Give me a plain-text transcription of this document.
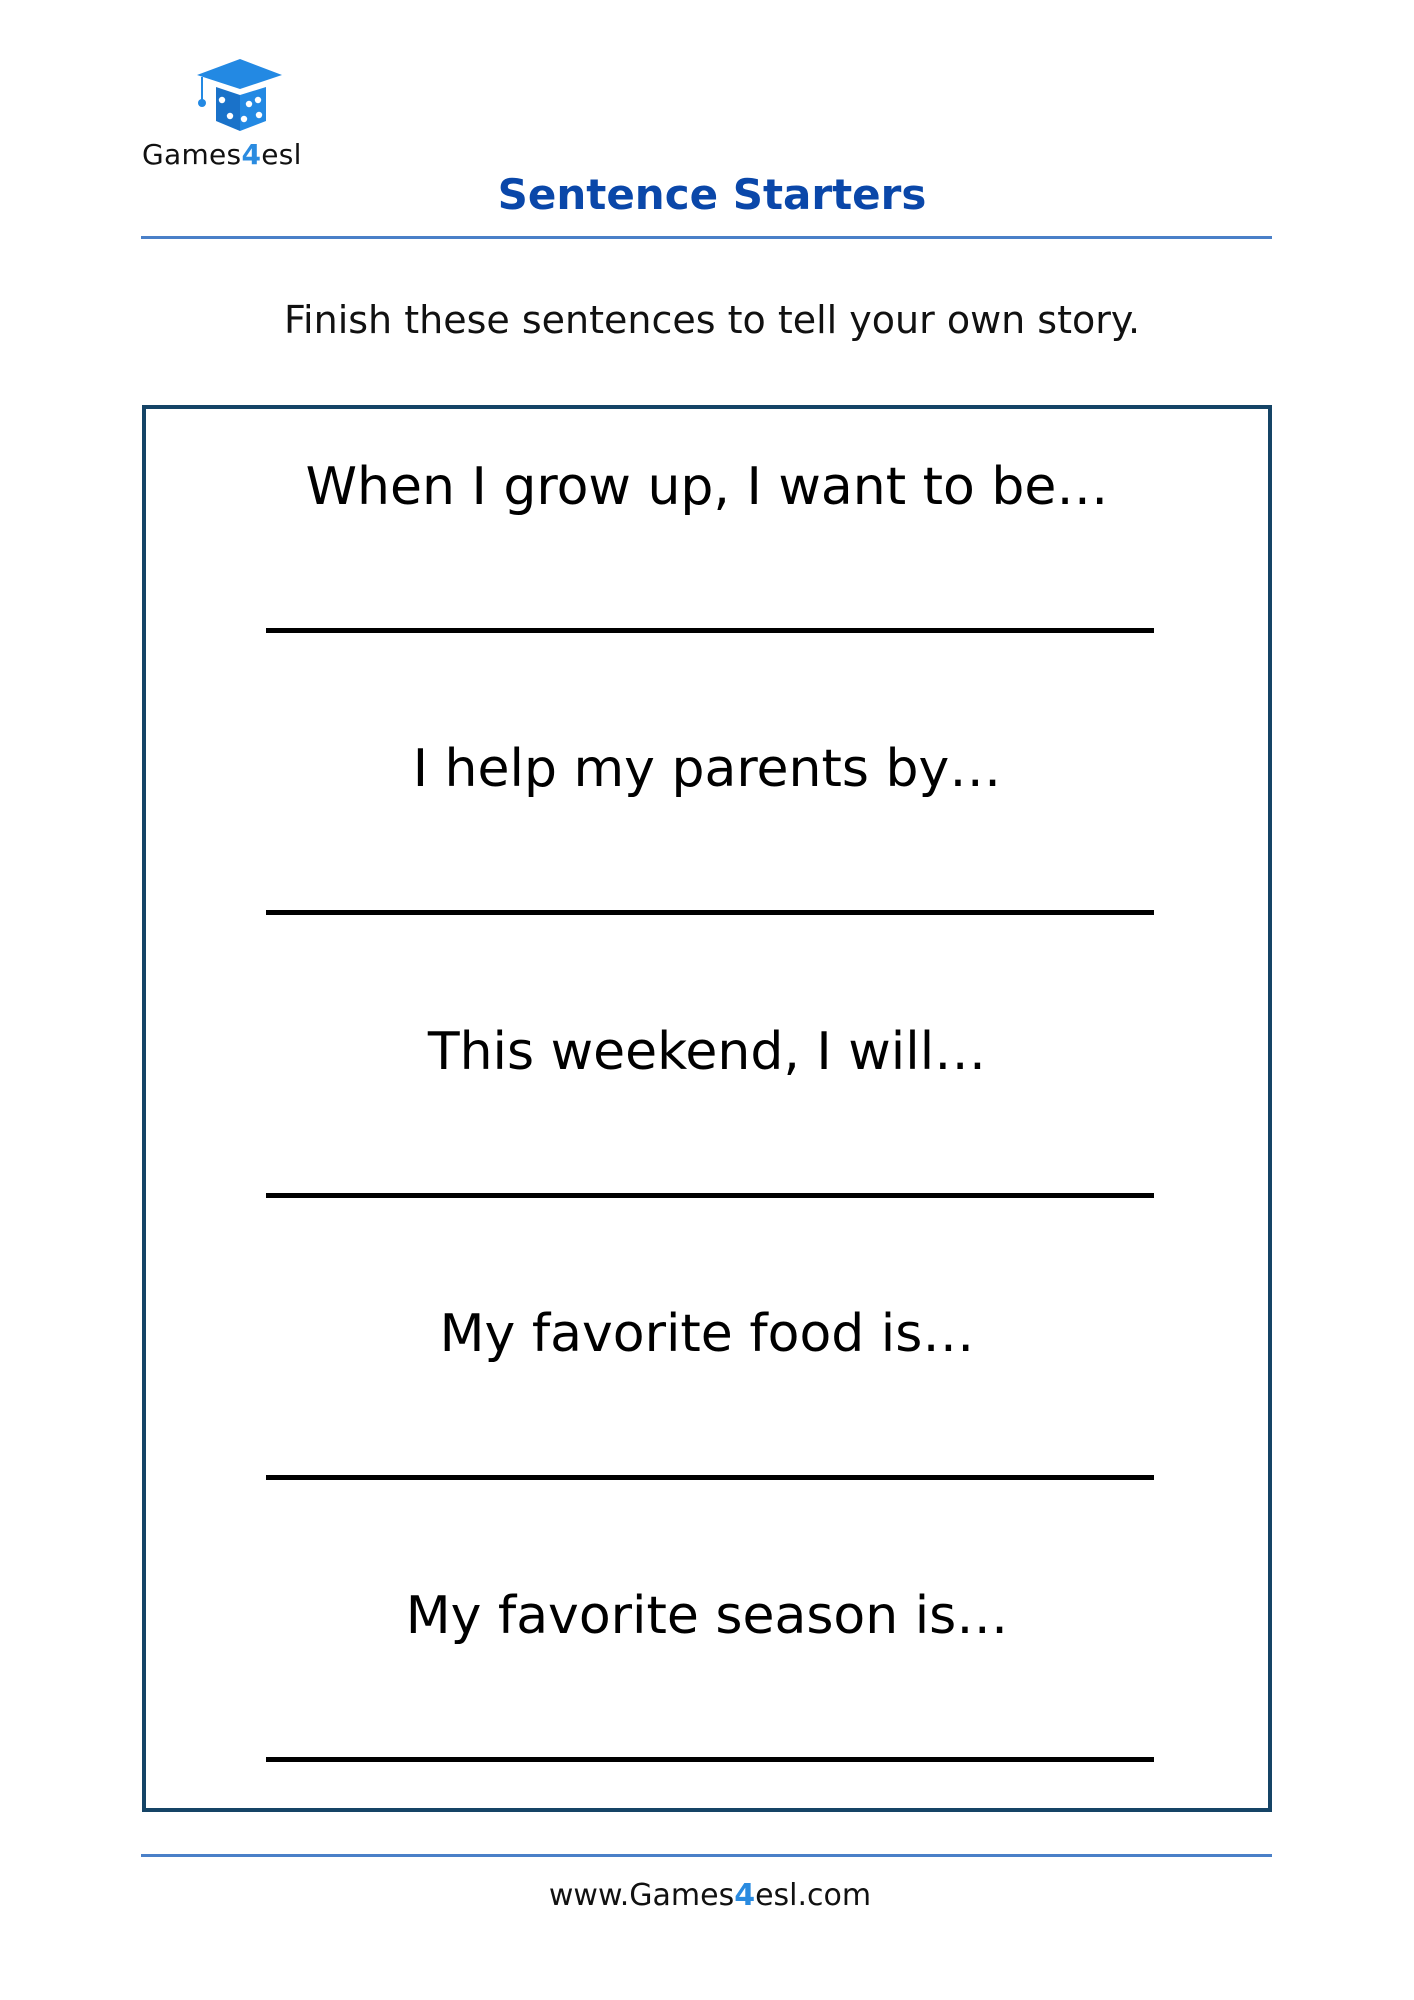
Games4esl
Sentence Starters
Finish these sentences to tell your own story.
When I grow up, I want to be…
I help my parents by…
This weekend, I will…
My favorite food is…
My favorite season is…
www.Games4esl.com
